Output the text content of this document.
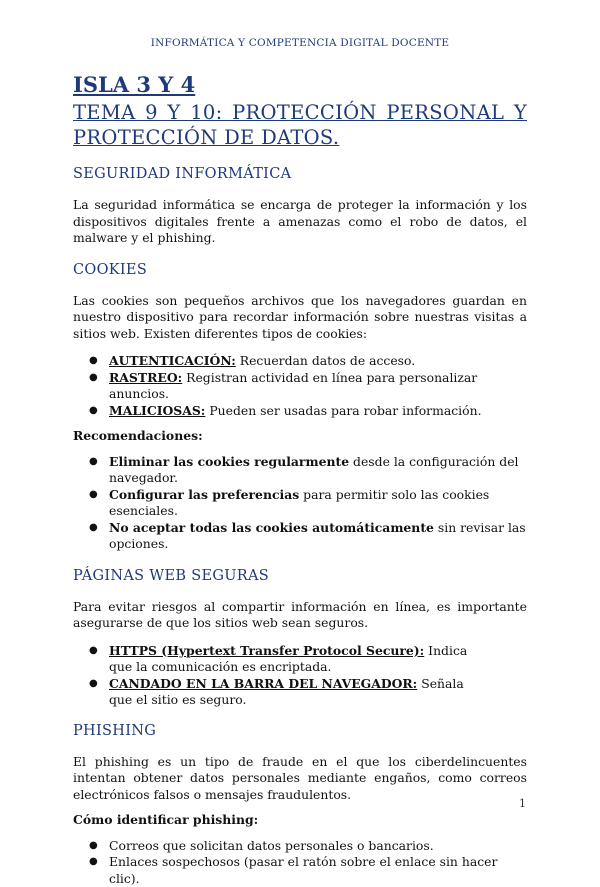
INFORMÁTICA Y COMPETENCIA DIGITAL DOCENTE
ISLA 3 Y 4
TEMA 9 Y 10: PROTECCIÓN PERSONAL Y PROTECCIÓN DE DATOS.
SEGURIDAD INFORMÁTICA

La seguridad informática se encarga de proteger la información y los dispositivos digitales frente a amenazas como el robo de datos, el malware y el phishing.

COOKIES

Las cookies son pequeños archivos que los navegadores guardan en nuestro dispositivo para recordar información sobre nuestras visitas a sitios web. Existen diferentes tipos de cookies:

● AUTENTICACIÓN: Recuerdan datos de acceso.
● RASTREO: Registran actividad en línea para personalizar anuncios.
● MALICIOSAS: Pueden ser usadas para robar información.

Recomendaciones:

● Eliminar las cookies regularmente desde la configuración del navegador.
● Configurar las preferencias para permitir solo las cookies esenciales.
● No aceptar todas las cookies automáticamente sin revisar las opciones.
PÁGINAS WEB SEGURAS

Para evitar riesgos al compartir información en línea, es importante asegurarse de que los sitios web sean seguros.

● HTTPS (Hypertext Transfer Protocol Secure): Indica que la comunicación es encriptada.
● CANDADO EN LA BARRA DEL NAVEGADOR: Señala que el sitio es seguro.
PHISHING

El phishing es un tipo de fraude en el que los ciberdelincuentes intentan obtener datos personales mediante engaños, como correos electrónicos falsos o mensajes fraudulentos.

Cómo identificar phishing:

● Correos que solicitan datos personales o bancarios.
● Enlaces sospechosos (pasar el ratón sobre el enlace sin hacer clic).
1
